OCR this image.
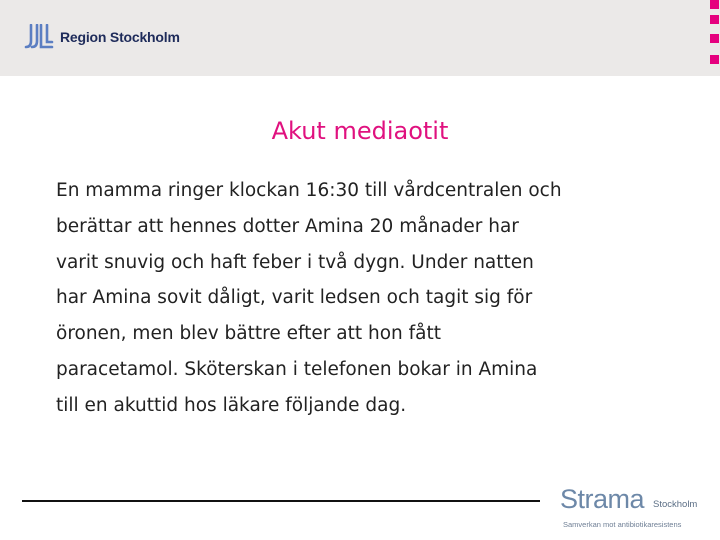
Region Stockholm
Akut mediaotit
En mamma ringer klockan 16:30 till vårdcentralen och
berättar att hennes dotter Amina 20 månader har
varit snuvig och haft feber i två dygn. Under natten
har Amina sovit dåligt, varit ledsen och tagit sig för
öronen, men blev bättre efter att hon fått
paracetamol. Sköterskan i telefonen bokar in Amina
till en akuttid hos läkare följande dag.
Strama Stockholm
Samverkan mot antibiotikaresistens
